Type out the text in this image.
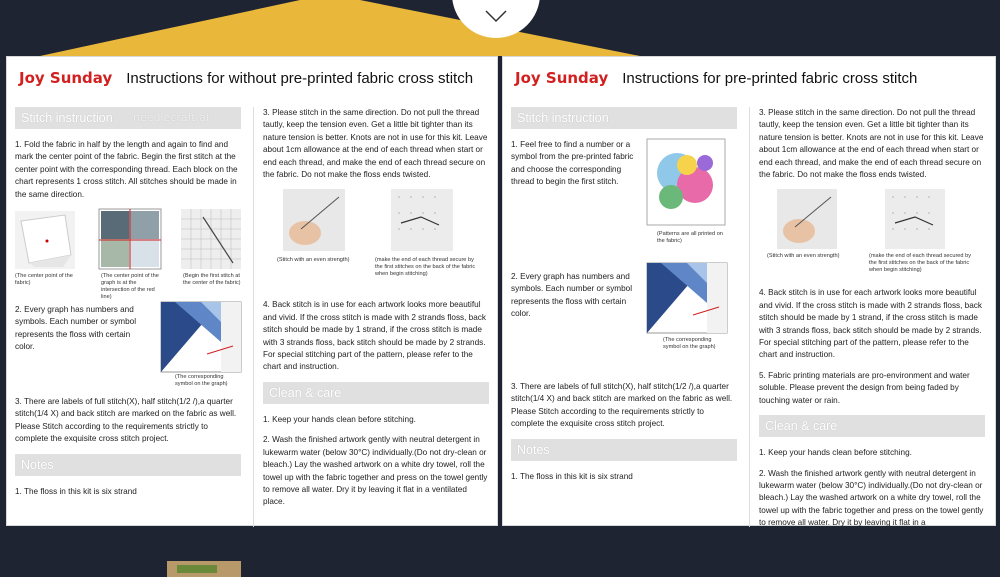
Joy Sunday Instructions for without pre-printed fabric cross stitch
Stitch instruction needlecraft.ai

1. Fold the fabric in half by the length and again to find and mark the center point of the fabric. Begin the first stitch at the center point with the corresponding thread. Each block on the chart represents 1 cross stitch. All stitches should be made in the same direction.

(The center point of the fabric)
(The center point of the graph is at the intersection of the red line)
(Begin the first stitch at the center of the fabric)

2. Every graph has numbers and symbols. Each number or symbol represents the floss with certain color.

(The corresponding symbol on the graph)

3. There are labels of full stitch(X), half stitch(1/2 /),a quarter stitch(1/4 X) and back stitch are marked on the fabric as well. Please Stitch according to the requirements strictly to complete the exquisite cross stitch project.

Notes

1. The floss in this kit is six strand

3. Please stitch in the same direction. Do not pull the thread tautly, keep the tension even. Get a little bit tighter than its nature tension is better. Knots are not in use for this kit. Leave about 1cm allowance at the end of each thread when start or end each thread, and make the end of each thread secure on the fabric. Do not make the floss ends twisted.

(Stitch with an even strength)	(make the end of each thread secure by the first stitches on the back of the fabric when begin stitching)

4. Back stitch is in use for each artwork looks more beautiful and vivid. If the cross stitch is made with 2 strands floss, back stitch should be made by 1 strand, if the cross stitch is made with 3 strands floss, back stitch should be made by 2 strands. For special stitching part of the pattern, please refer to the chart and instruction.

Clean & care

1. Keep your hands clean before stitching.

2. Wash the finished artwork gently with neutral detergent in lukewarm water (below 30°C) individually.(Do not dry-clean or bleach.) Lay the washed artwork on a white dry towel, roll the towel up with the fabric together and press on the towel gently to remove all water. Dry it by leaving it flat in a ventilated place.

Joy Sunday Instructions for pre-printed fabric cross stitch
Stitch instruction

1. Feel free to find a number or a symbol from the pre-printed fabric and choose the corresponding thread to begin the first stitch.

(Patterns are all printed on the fabric)

2. Every graph has numbers and symbols. Each number or symbol represents the floss with certain color.

(The corresponding symbol on the graph)

3. There are labels of full stitch(X), half stitch(1/2 /),a quarter stitch(1/4 X) and back stitch are marked on the fabric as well. Please Stitch according to the requirements strictly to complete the exquisite cross stitch project.

Notes

1. The floss in this kit is six strand

3. Please stitch in the same direction. Do not pull the thread tautly, keep the tension even. Get a little bit tighter than its nature tension is better. Knots are not in use for this kit. Leave about 1cm allowance at the end of each thread when start or end each thread, and make the end of each thread secure on the fabric. Do not make the floss ends twisted.

(Stitch with an even strength)	(make the end of each thread secured by the first stitches on the back of the fabric when begin stitching)

4. Back stitch is in use for each artwork looks more beautiful and vivid. If the cross stitch is made with 2 strands floss, back stitch should be made by 1 strand, if the cross stitch is made with 3 strands floss, back stitch should be made by 2 strands. For special stitching part of the pattern, please refer to the chart and instruction.

5. Fabric printing materials are pro-environment and water soluble. Please prevent the design from being faded by touching water or rain.

Clean & care

1. Keep your hands clean before stitching.

2. Wash the finished artwork gently with neutral detergent in lukewarm water (below 30°C) individually.(Do not dry-clean or bleach.) Lay the washed artwork on a white dry towel, roll the towel up with the fabric together and press on the towel gently to remove all water. Dry it by leaving it flat in a
